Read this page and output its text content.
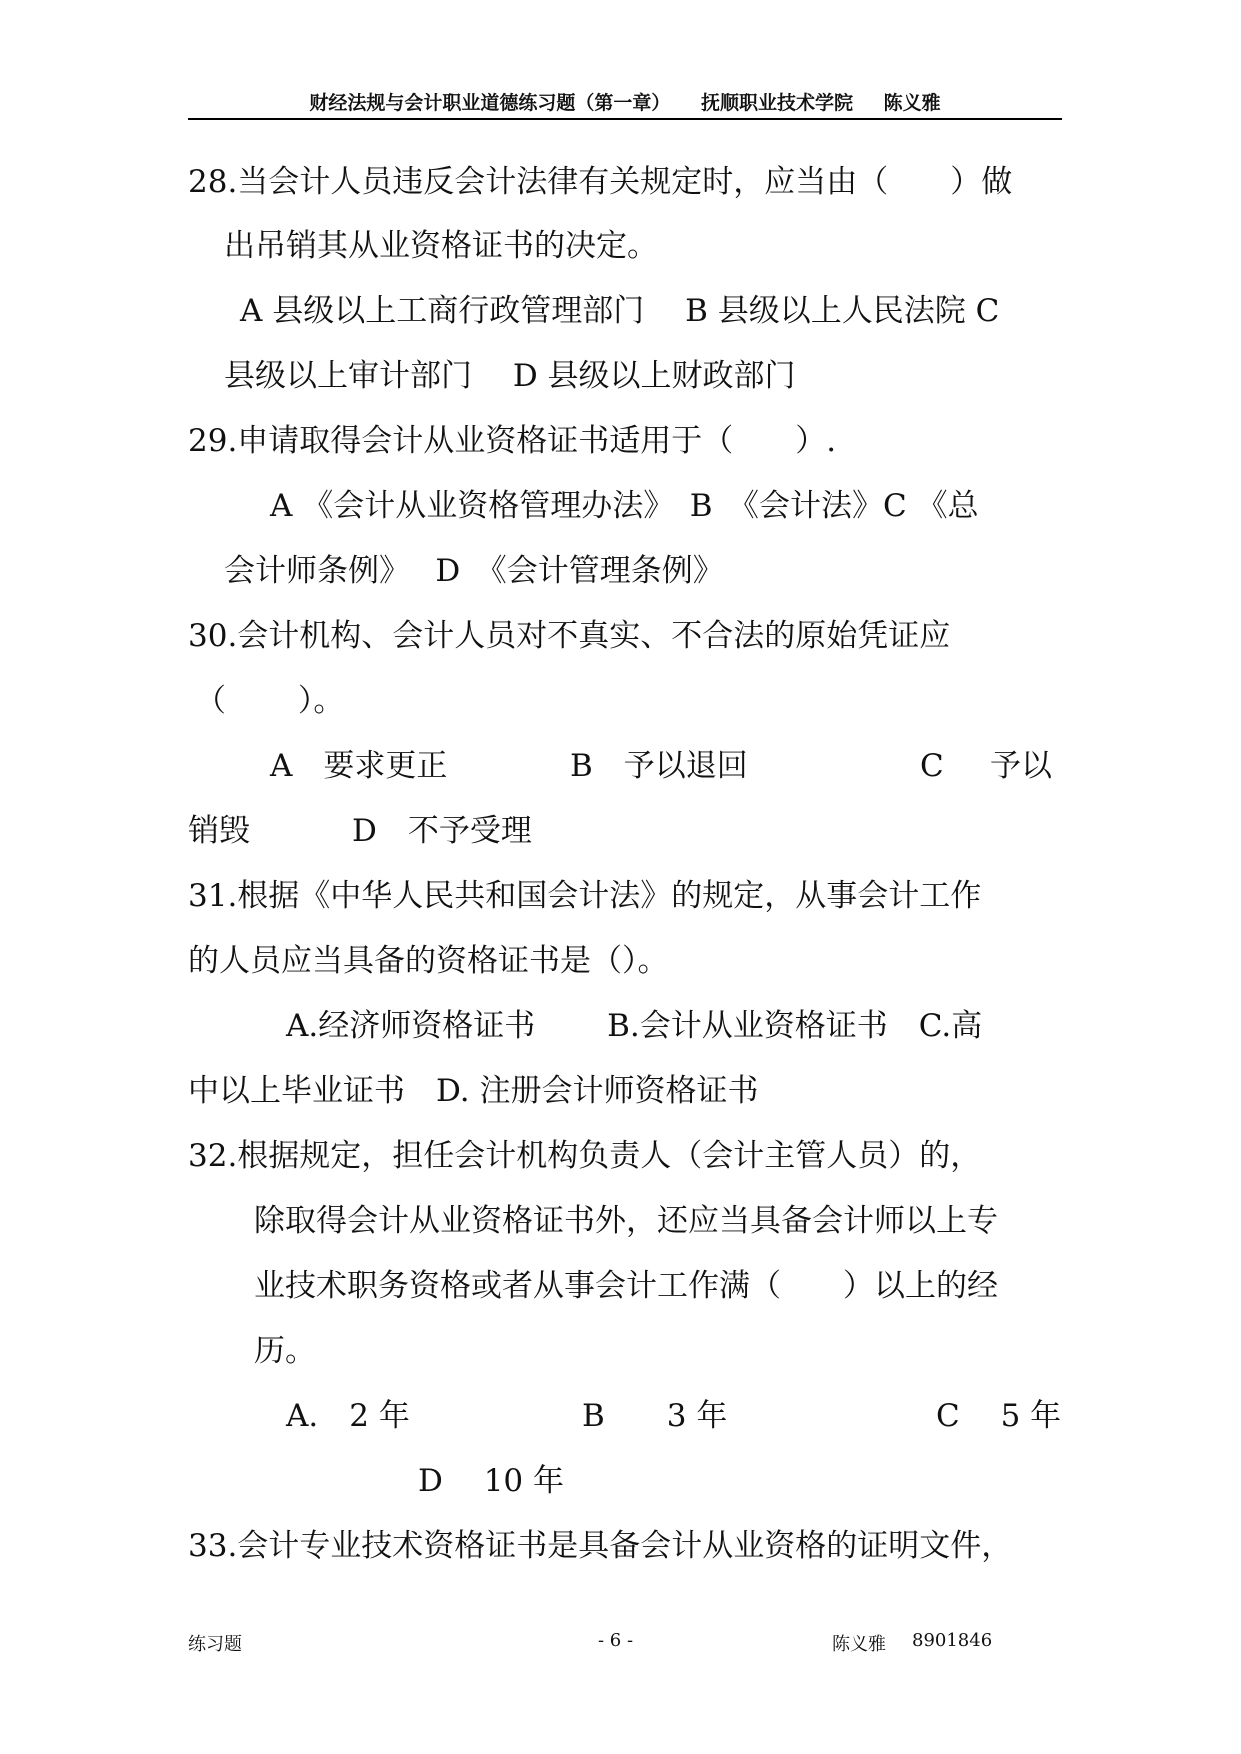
财经法规与会计职业道德练习题（第一章） 抚顺职业技术学院 陈义雅
28.当会计人员违反会计法律有关规定时，应当由（　　）做
出吊销其从业资格证书的决定。
A 县级以上工商行政管理部门　 B 县级以上人民法院 C
县级以上审计部门　 D 县级以上财政部门
29.申请取得会计从业资格证书适用于（　　）.
A 《会计从业资格管理办法》　B　《会计法》C 《总
会计师条例》　 D　《会计管理条例》
30.会计机构、会计人员对不真实、不合法的原始凭证应
（　　 ）。
A　要求更正	B　予以退回	C 予以
销毁	D　不予受理
31.根据《中华人民共和国会计法》的规定，从事会计工作
的人员应当具备的资格证书是（）。
A.经济师资格证书　　 B.会计从业资格证书　C.高
中以上毕业证书　D. 注册会计师资格证书
32.根据规定，担任会计机构负责人（会计主管人员）的，
除取得会计从业资格证书外，还应当具备会计师以上专
业技术职务资格或者从事会计工作满（　　）以上的经
历。
A.　2 年	B　　3 年	C　 5 年
D　 10 年
33.会计专业技术资格证书是具备会计从业资格的证明文件，
练习题	- 6 -	陈义雅 8901846
